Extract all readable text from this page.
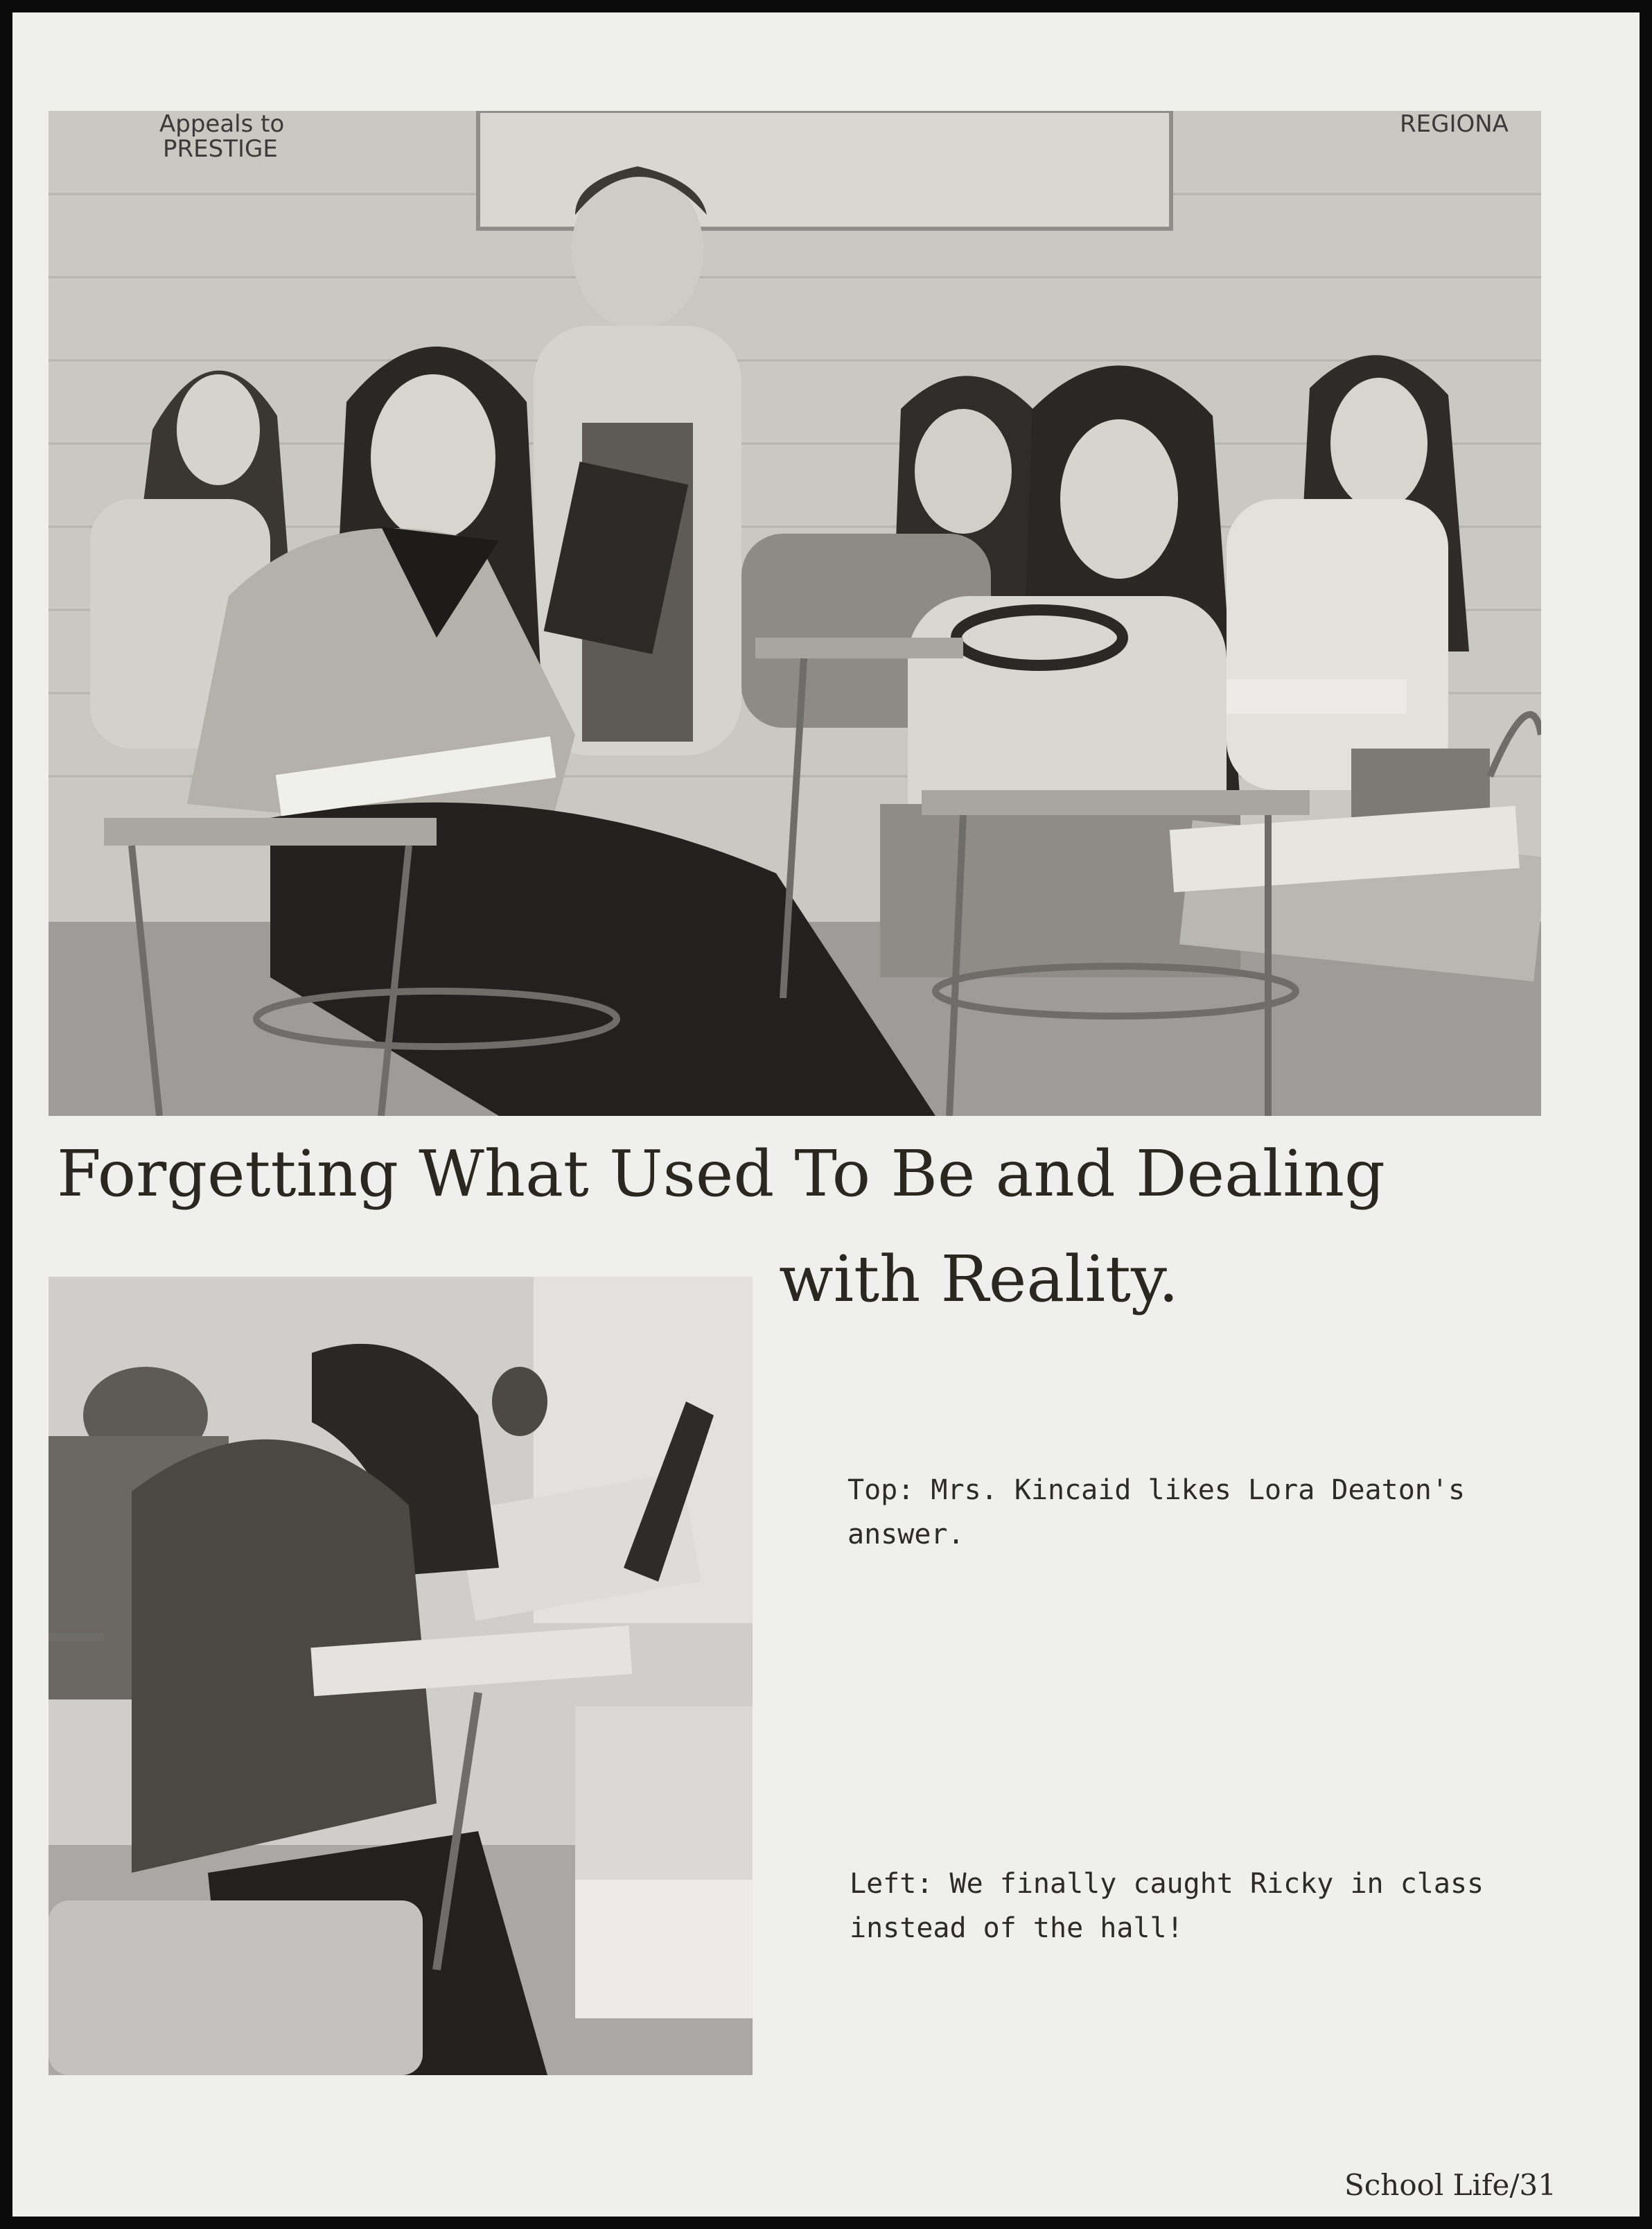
Appeals to
PRESTIGE
REGIONA
Forgetting What Used To Be and Dealing
with Reality.
Top: Mrs. Kincaid likes Lora Deaton's answer.
Left: We finally caught Ricky in class instead of the hall!
School Life/31
